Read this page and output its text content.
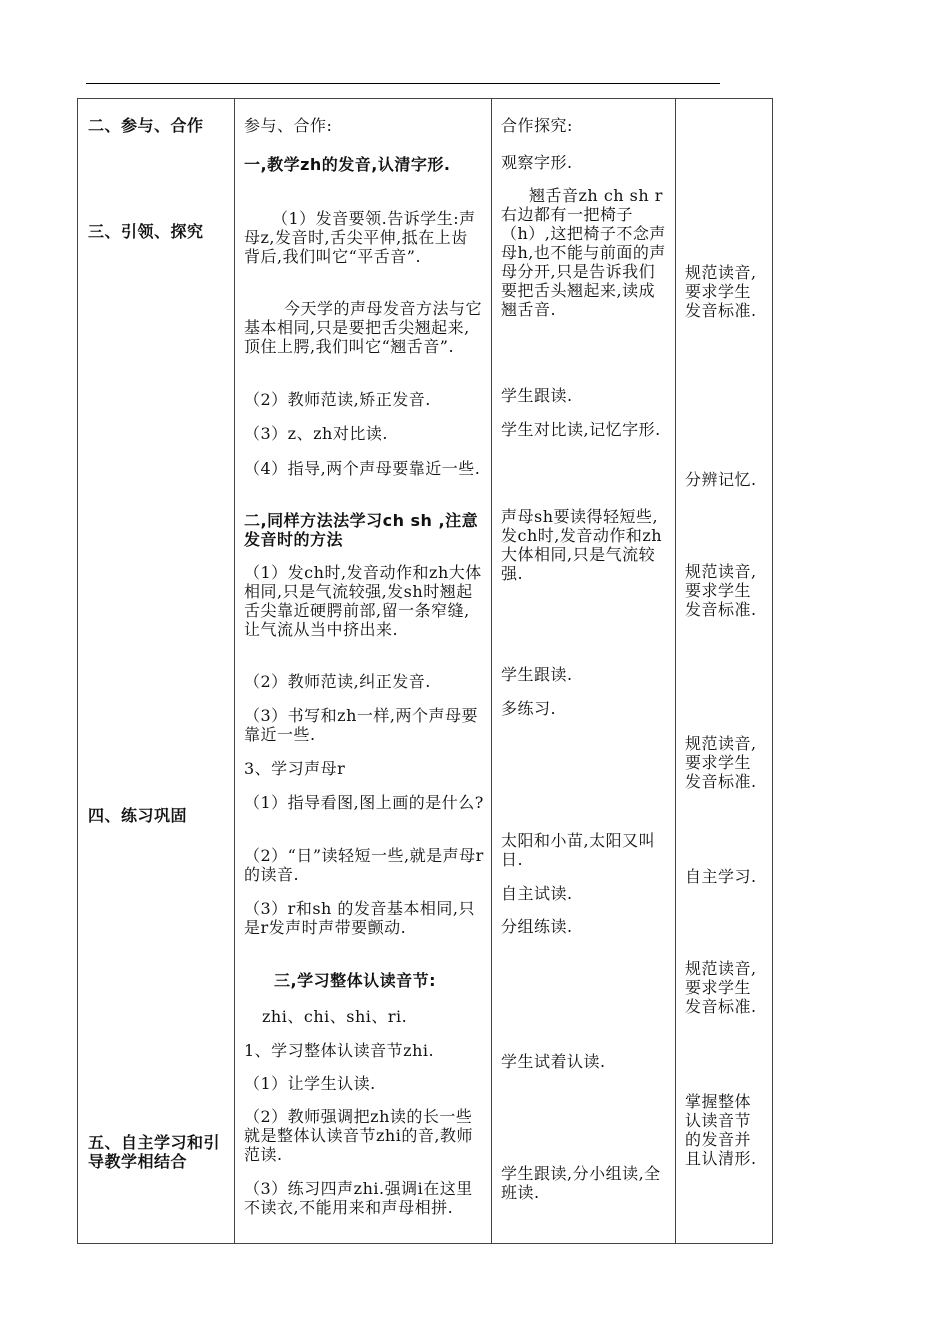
二、参与、合作
三、引领、探究
四、练习巩固
五、自主学习和引导教学相结合
参与、合作:
一,教学zh的发音,认清字形.
（1）发音要领.告诉学生:声母z,发音时,舌尖平伸,抵在上齿背后,我们叫它“平舌音”.
今天学的声母发音方法与它基本相同,只是要把舌尖翘起来,顶住上腭,我们叫它“翘舌音”.
（2）教师范读,矫正发音.
（3）z、zh对比读.
（4）指导,两个声母要靠近一些.
二,同样方法法学习ch sh ,注意发音时的方法
（1）发ch时,发音动作和zh大体相同,只是气流较强,发sh时翘起舌尖靠近硬腭前部,留一条窄缝,让气流从当中挤出来.
（2）教师范读,纠正发音.
（3）书写和zh一样,两个声母要靠近一些.
3、学习声母r
（1）指导看图,图上画的是什么?
（2）“日”读轻短一些,就是声母r的读音.
（3）r和sh 的发音基本相同,只是r发声时声带要颤动.
三,学习整体认读音节:
zhi、chi、shi、ri.
1、学习整体认读音节zhi.
（1）让学生认读.
（2）教师强调把zh读的长一些就是整体认读音节zhi的音,教师范读.
（3）练习四声zhi.强调i在这里不读衣,不能用来和声母相拼.
合作探究:
观察字形.
翘舌音zh ch sh r右边都有一把椅子（h）,这把椅子不念声母h,也不能与前面的声母分开,只是告诉我们要把舌头翘起来,读成翘舌音.
学生跟读.
学生对比读,记忆字形.
声母sh要读得轻短些,发ch时,发音动作和zh大体相同,只是气流较强.
学生跟读.
多练习.
太阳和小苗,太阳又叫日.
自主试读.
分组练读.
学生试着认读.
学生跟读,分小组读,全班读.
规范读音,要求学生发音标准.
分辨记忆.
规范读音,要求学生发音标准.
规范读音,要求学生发音标准.
自主学习.
规范读音,要求学生发音标准.
掌握整体认读音节的发音并且认清形.
